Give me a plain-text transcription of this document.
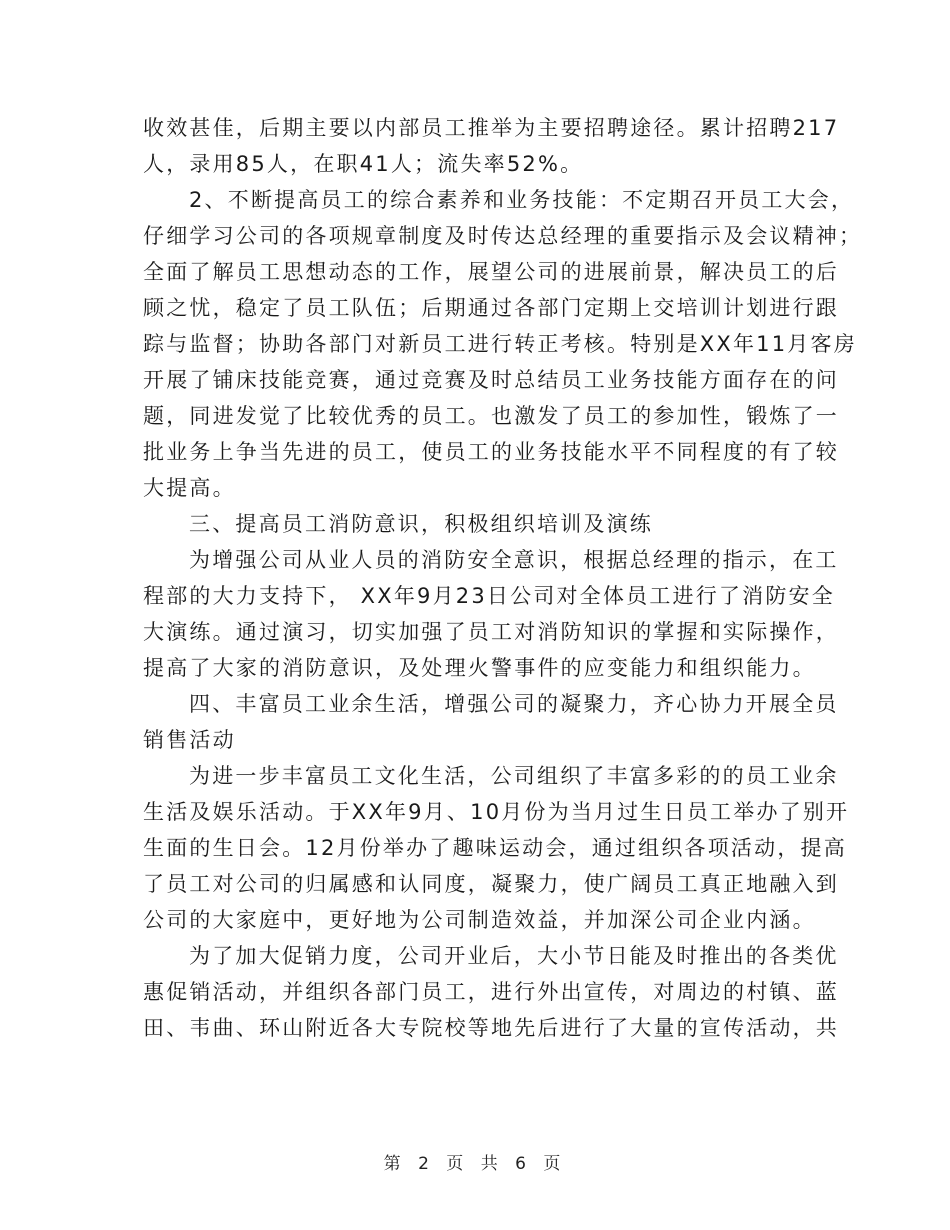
收效甚佳，后期主要以内部员工推举为主要招聘途径。累计招聘217
人，录用85人，在职41人；流失率52%。
2、不断提高员工的综合素养和业务技能：不定期召开员工大会，
仔细学习公司的各项规章制度及时传达总经理的重要指示及会议精神；
全面了解员工思想动态的工作，展望公司的进展前景，解决员工的后
顾之忧，稳定了员工队伍；后期通过各部门定期上交培训计划进行跟
踪与监督；协助各部门对新员工进行转正考核。特别是XX年11月客房
开展了铺床技能竞赛，通过竞赛及时总结员工业务技能方面存在的问
题，同进发觉了比较优秀的员工。也激发了员工的参加性，锻炼了一
批业务上争当先进的员工，使员工的业务技能水平不同程度的有了较
大提高。
三、提高员工消防意识，积极组织培训及演练
为增强公司从业人员的消防安全意识，根据总经理的指示，在工
程部的大力支持下， XX年9月23日公司对全体员工进行了消防安全
大演练。通过演习，切实加强了员工对消防知识的掌握和实际操作，
提高了大家的消防意识，及处理火警事件的应变能力和组织能力。
四、丰富员工业余生活，增强公司的凝聚力，齐心协力开展全员
销售活动
为进一步丰富员工文化生活，公司组织了丰富多彩的的员工业余
生活及娱乐活动。于XX年9月、10月份为当月过生日员工举办了别开
生面的生日会。12月份举办了趣味运动会，通过组织各项活动，提高
了员工对公司的归属感和认同度，凝聚力，使广阔员工真正地融入到
公司的大家庭中，更好地为公司制造效益，并加深公司企业内涵。
为了加大促销力度，公司开业后，大小节日能及时推出的各类优
惠促销活动，并组织各部门员工，进行外出宣传，对周边的村镇、蓝
田、韦曲、环山附近各大专院校等地先后进行了大量的宣传活动，共
第 2 页 共 6 页
